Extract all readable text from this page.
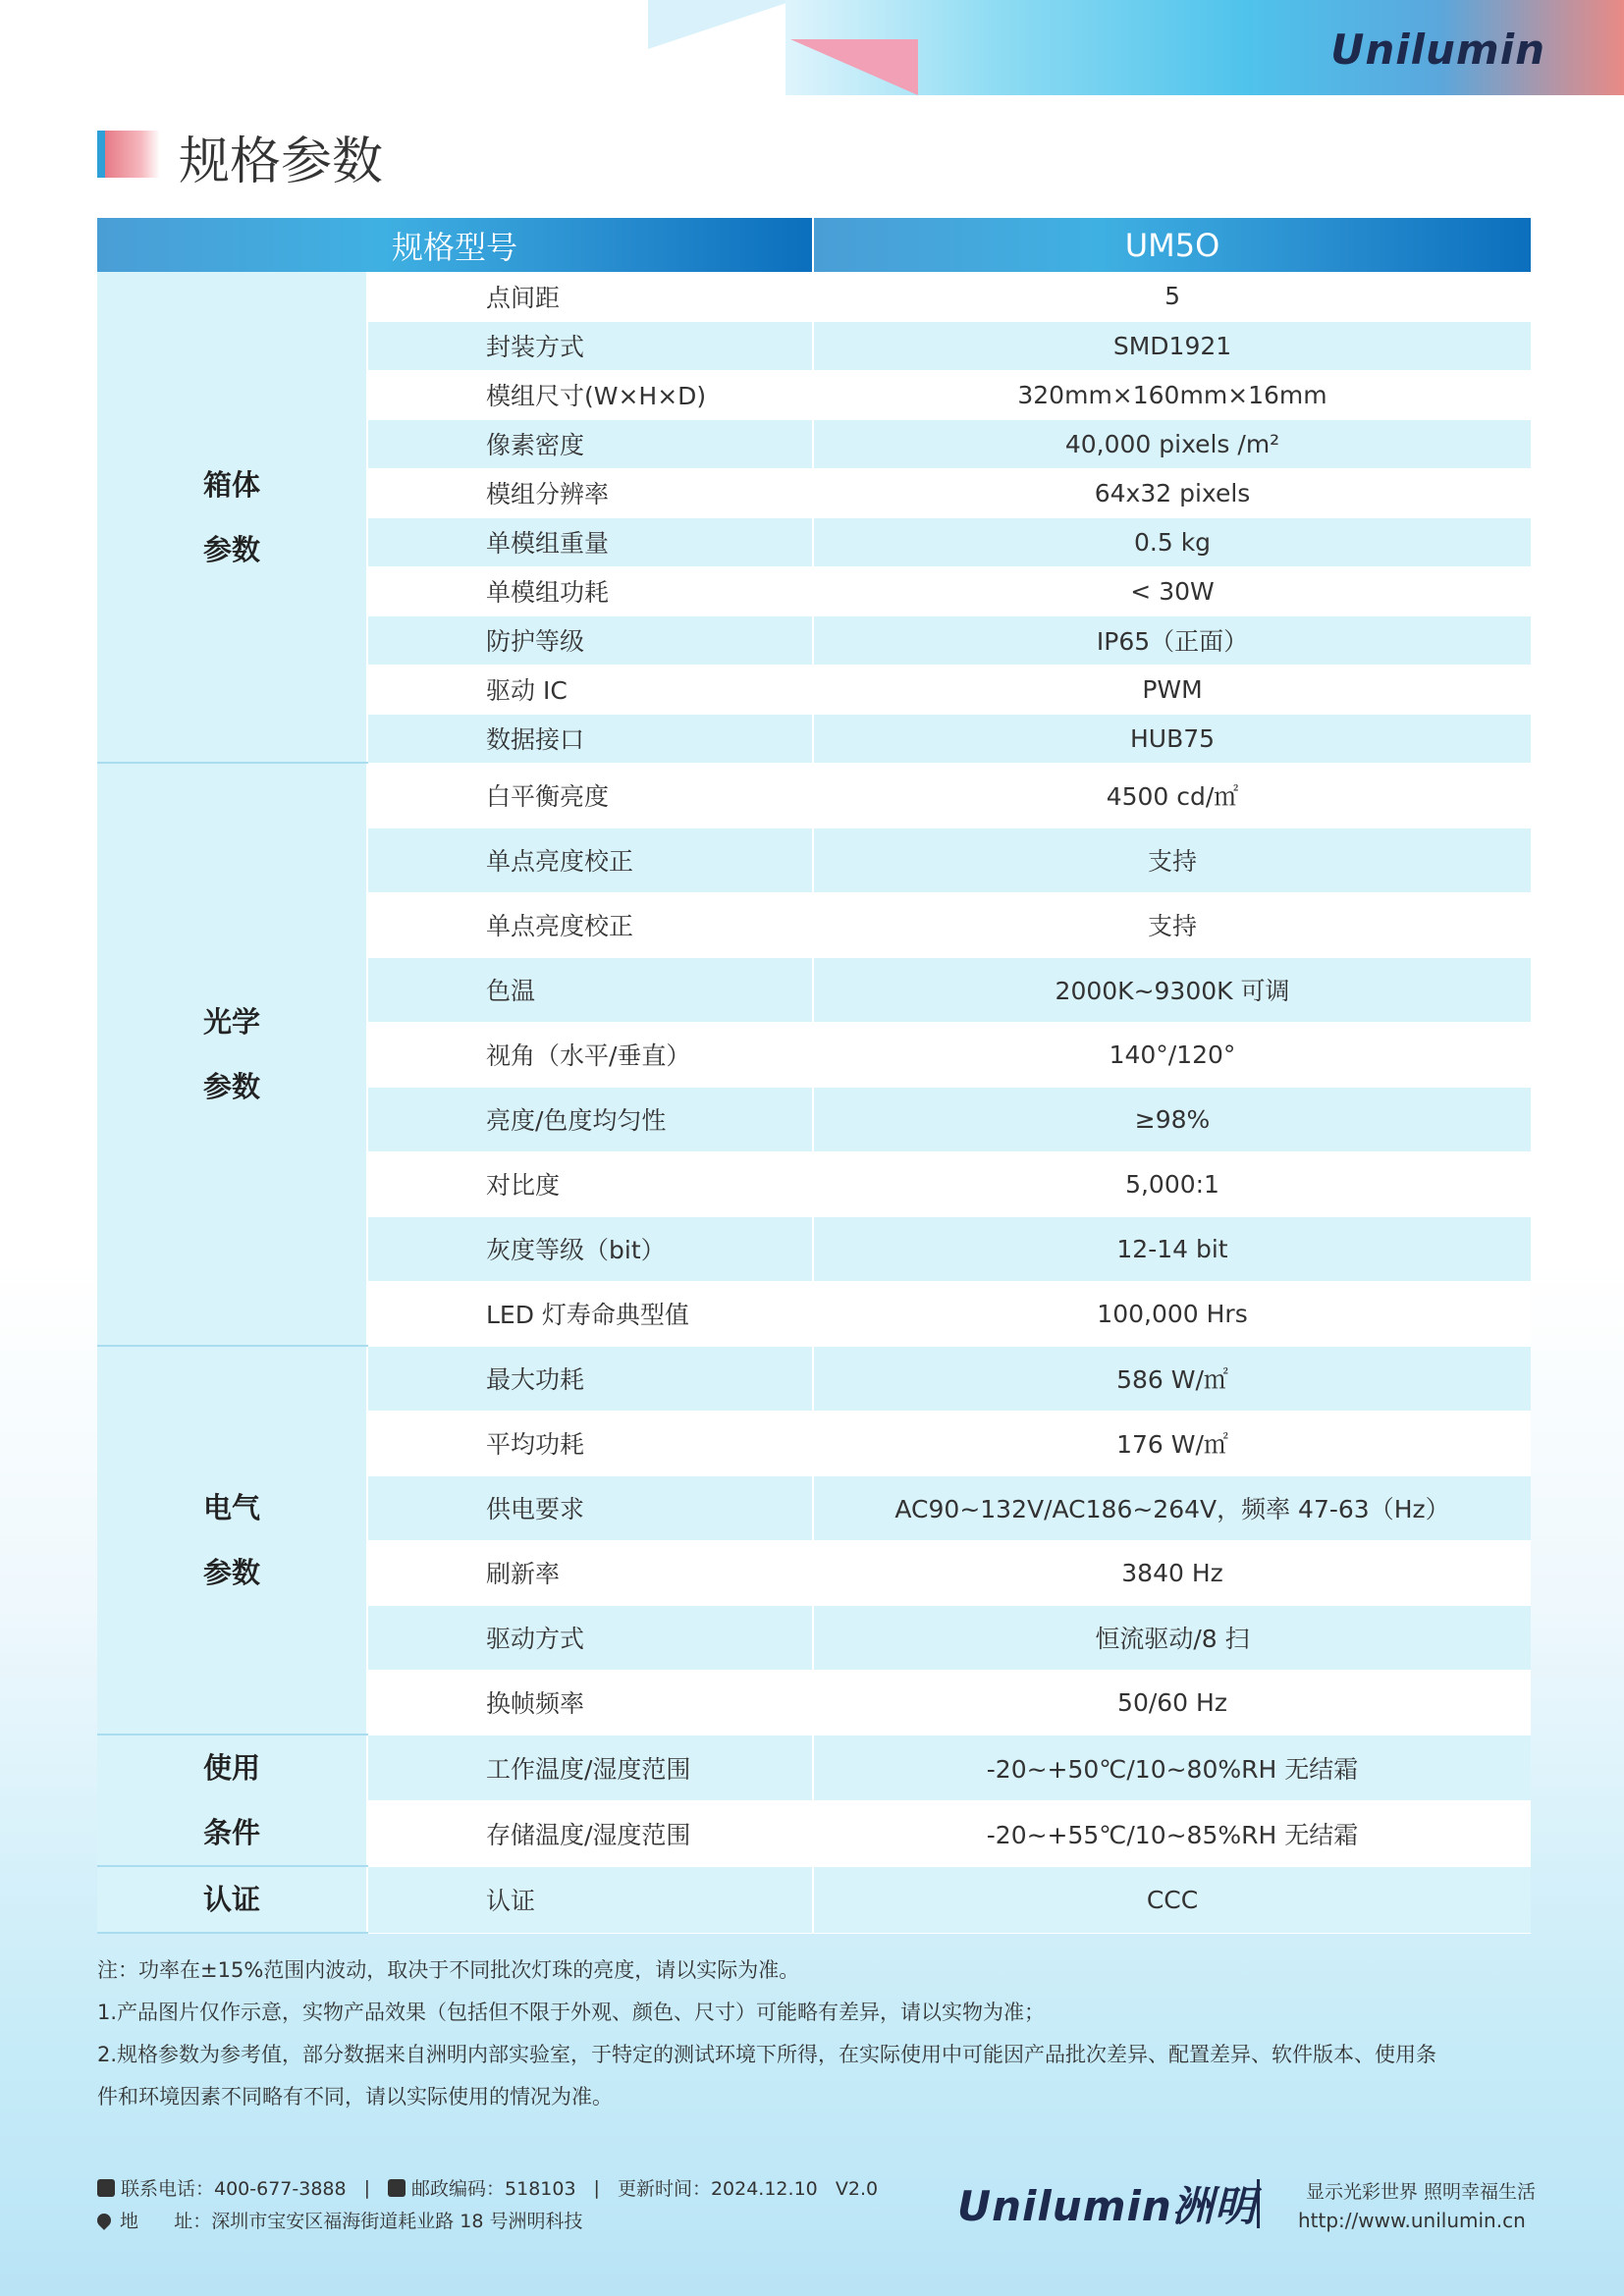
Unilumin
规格参数
规格型号		UM5O

箱体
参数	点间距	5
	封装方式	SMD1921
	模组尺寸(W×H×D)	320mm×160mm×16mm
	像素密度	40,000 pixels /m²
	模组分辨率	64x32 pixels
	单模组重量	0.5 kg
	单模组功耗	< 30W
	防护等级	IP65（正面）
	驱动 IC	PWM
	数据接口	HUB75

光学
参数	白平衡亮度	4500 cd/㎡
	单点亮度校正	支持
	单点亮度校正	支持
	色温	2000K~9300K 可调
	视角（水平/垂直）	140°/120°
	亮度/色度均匀性	≥98%
	对比度	5,000:1
	灰度等级（bit）	12-14 bit
	LED 灯寿命典型值	100,000 Hrs

电气
参数	最大功耗	586 W/㎡
	平均功耗	176 W/㎡
	供电要求	AC90~132V/AC186~264V，频率 47-63（Hz）
	刷新率	3840 Hz
	驱动方式	恒流驱动/8 扫
	换帧频率	50/60 Hz

使用
条件	工作温度/湿度范围	-20~+50℃/10~80%RH 无结霜
	存储温度/湿度范围	-20~+55℃/10~85%RH 无结霜

认证	认证	CCC
注：功率在±15%范围内波动，取决于不同批次灯珠的亮度，请以实际为准。
1.产品图片仅作示意，实物产品效果（包括但不限于外观、颜色、尺寸）可能略有差异，请以实物为准；
2.规格参数为参考值，部分数据来自洲明内部实验室，于特定的测试环境下所得，在实际使用中可能因产品批次差异、配置差异、软件版本、使用条
件和环境因素不同略有不同，请以实际使用的情况为准。
联系电话：400-677-3888 | 邮政编码：518103 | 更新时间：2024.12.10   V2.0
地      址： 深圳市宝安区福海街道耗业路 18 号洲明科技	Unilumin洲明	显示光彩世界 照明幸福生活
http://www.unilumin.cn
